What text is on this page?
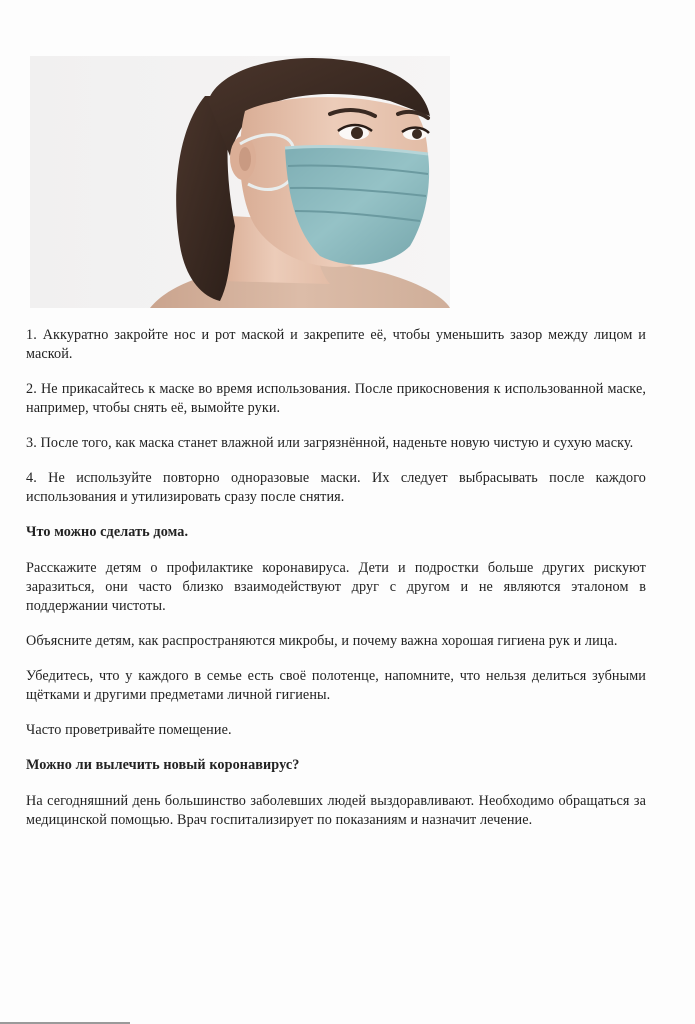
1. Аккуратно закройте нос и рот маской и закрепите её, чтобы уменьшить зазор между лицом и маской.

2. Не прикасайтесь к маске во время использования. После прикосновения к использованной маске, например, чтобы снять её, вымойте руки.

3. После того, как маска станет влажной или загрязнённой, наденьте новую чистую и сухую маску.

4. Не используйте повторно одноразовые маски. Их следует выбрасывать после каждого использования и утилизировать сразу после снятия.

Что можно сделать дома.

Расскажите детям о профилактике коронавируса. Дети и подростки больше других рискуют заразиться, они часто близко взаимодействуют друг с другом и не являются эталоном в поддержании чистоты.

Объясните детям, как распространяются микробы, и почему важна хорошая гигиена рук и лица.

Убедитесь, что у каждого в семье есть своё полотенце, напомните, что нельзя делиться зубными щётками и другими предметами личной гигиены.

Часто проветривайте помещение.

Можно ли вылечить новый коронавирус?

На сегодняшний день большинство заболевших людей выздоравливают. Необходимо обращаться за медицинской помощью. Врач госпитализирует по показаниям и назначит лечение.
